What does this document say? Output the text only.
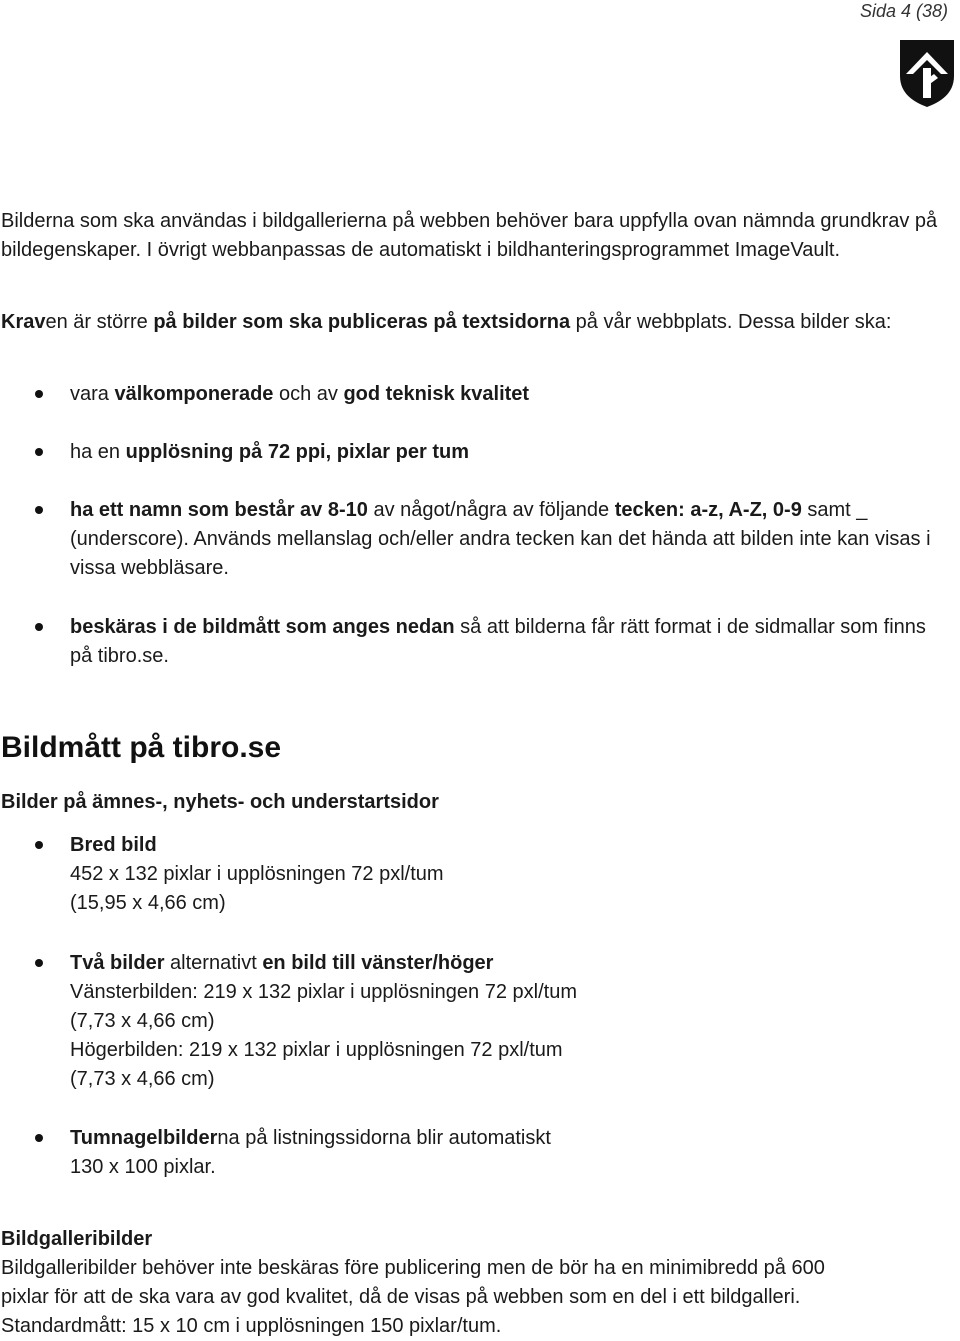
Sida 4 (38)

Bilderna som ska användas i bildgallerierna på webben behöver bara uppfylla ovan nämnda grundkrav på bildegenskaper. I övrigt webbanpassas de automatiskt i bildhanteringsprogrammet ImageVault.

Kraven är större på bilder som ska publiceras på textsidorna på vår webbplats. Dessa bilder ska:

vara välkomponerade och av god teknisk kvalitet
ha en upplösning på 72 ppi, pixlar per tum
ha ett namn som består av 8-10 av något/några av följande tecken: a-z, A-Z, 0-9 samt _ (underscore). Används mellanslag och/eller andra tecken kan det hända att bilden inte kan visas i vissa webbläsare.
beskäras i de bildmått som anges nedan så att bilderna får rätt format i de sidmallar som finns på tibro.se.
Bildmått på tibro.se
Bilder på ämnes-, nyhets- och understartsidor
Bred bild
452 x 132 pixlar i upplösningen 72 pxl/tum
(15,95 x 4,66 cm)
Två bilder alternativt en bild till vänster/höger
Vänsterbilden: 219 x 132 pixlar i upplösningen 72 pxl/tum
(7,73 x 4,66 cm)
Högerbilden: 219 x 132 pixlar i upplösningen 72 pxl/tum
(7,73 x 4,66 cm)
Tumnagelbilderna på listningssidorna blir automatiskt
130 x 100 pixlar.
Bildgalleribilder

Bildgalleribilder behöver inte beskäras före publicering men de bör ha en minimibredd på 600 pixlar för att de ska vara av god kvalitet, då de visas på webben som en del i ett bildgalleri. Standardmått: 15 x 10 cm i upplösningen 150 pixlar/tum.
